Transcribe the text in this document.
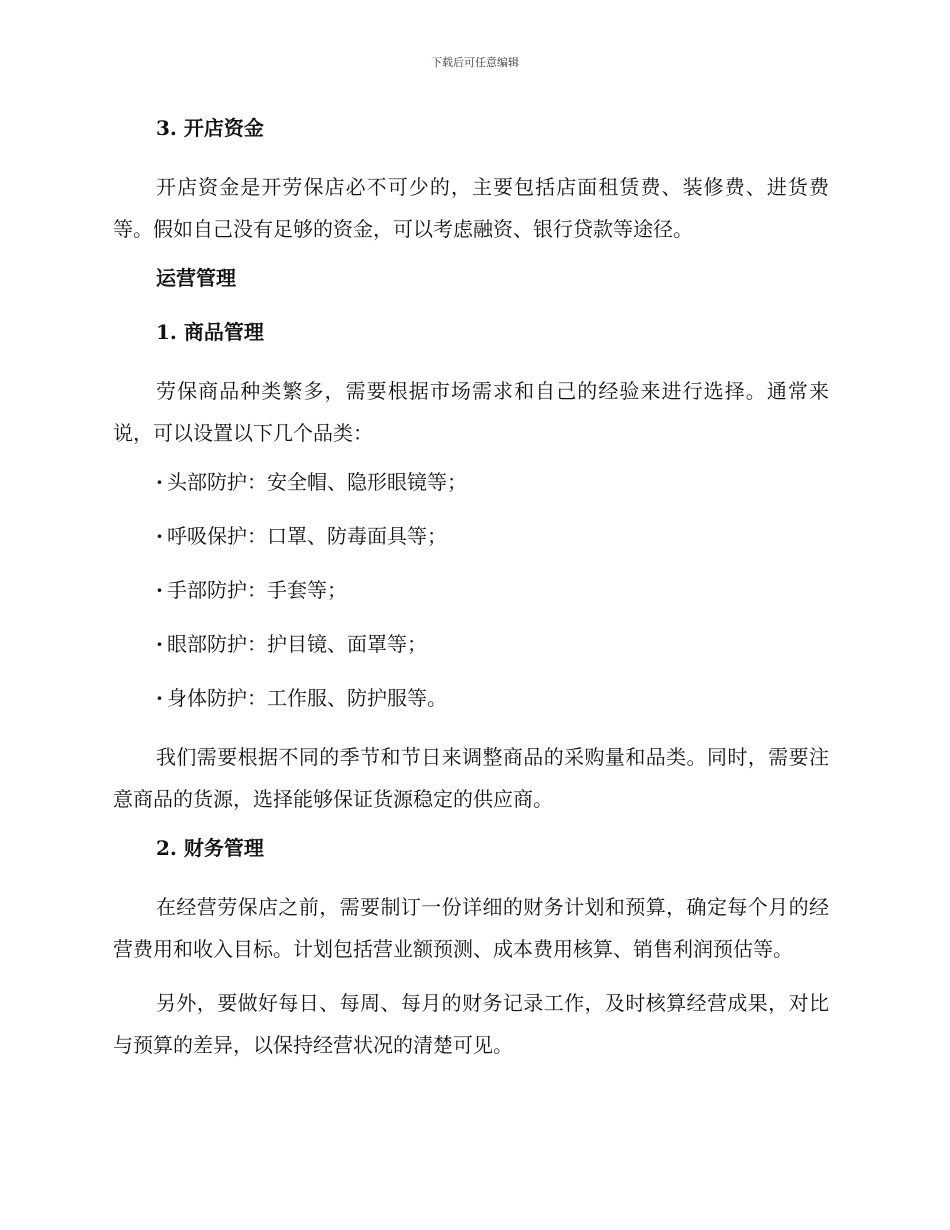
下载后可任意编辑
3. 开店资金
开店资金是开劳保店必不可少的，主要包括店面租赁费、装修费、进货费等。假如自己没有足够的资金，可以考虑融资、银行贷款等途径。
运营管理
1. 商品管理
劳保商品种类繁多，需要根据市场需求和自己的经验来进行选择。通常来说，可以设置以下几个品类：
· 头部防护：安全帽、隐形眼镜等；
· 呼吸保护：口罩、防毒面具等；
· 手部防护：手套等；
· 眼部防护：护目镜、面罩等；
· 身体防护：工作服、防护服等。
我们需要根据不同的季节和节日来调整商品的采购量和品类。同时，需要注意商品的货源，选择能够保证货源稳定的供应商。
2. 财务管理
在经营劳保店之前，需要制订一份详细的财务计划和预算，确定每个月的经营费用和收入目标。计划包括营业额预测、成本费用核算、销售利润预估等。
另外，要做好每日、每周、每月的财务记录工作，及时核算经营成果，对比与预算的差异，以保持经营状况的清楚可见。
